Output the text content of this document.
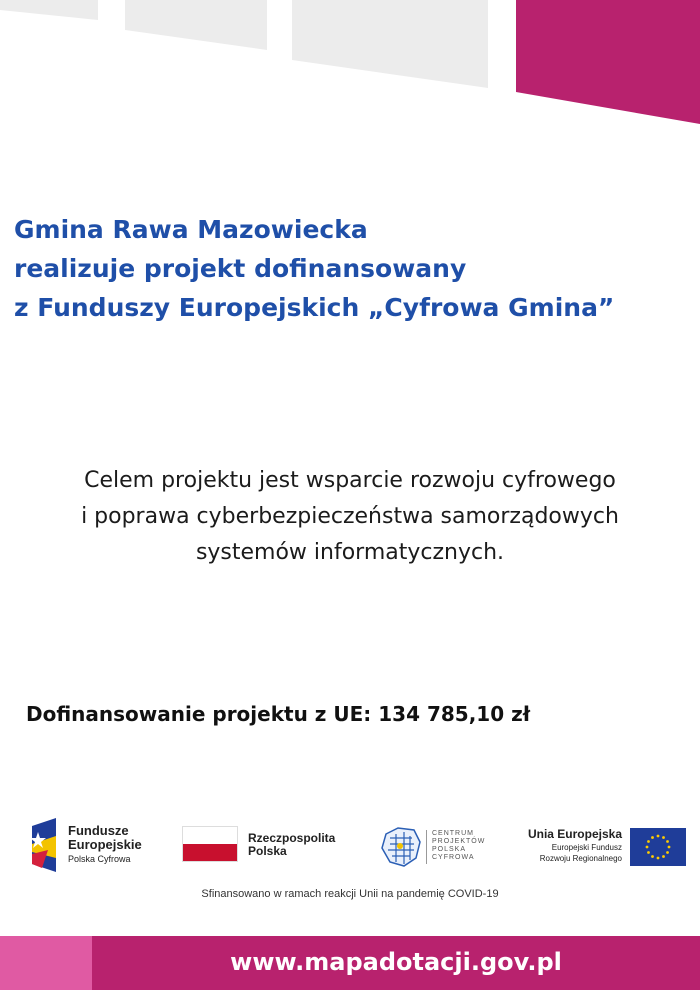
Gmina Rawa Mazowiecka
realizuje projekt dofinansowany
z Funduszy Europejskich „Cyfrowa Gmina”
Celem projektu jest wsparcie rozwoju cyfrowego
i poprawa cyberbezpieczeństwa samorządowych
systemów informatycznych.
Dofinansowanie projektu z UE: 134 785,10 zł
Fundusze
Europejskie
Polska Cyfrowa
Rzeczpospolita
Polska
CENTRUM
PROJEKTÓW
POLSKA
CYFROWA
Unia Europejska
Europejski Fundusz
Rozwoju Regionalnego
Sfinansowano w ramach reakcji Unii na pandemię COVID-19
www.mapadotacji.gov.pl
